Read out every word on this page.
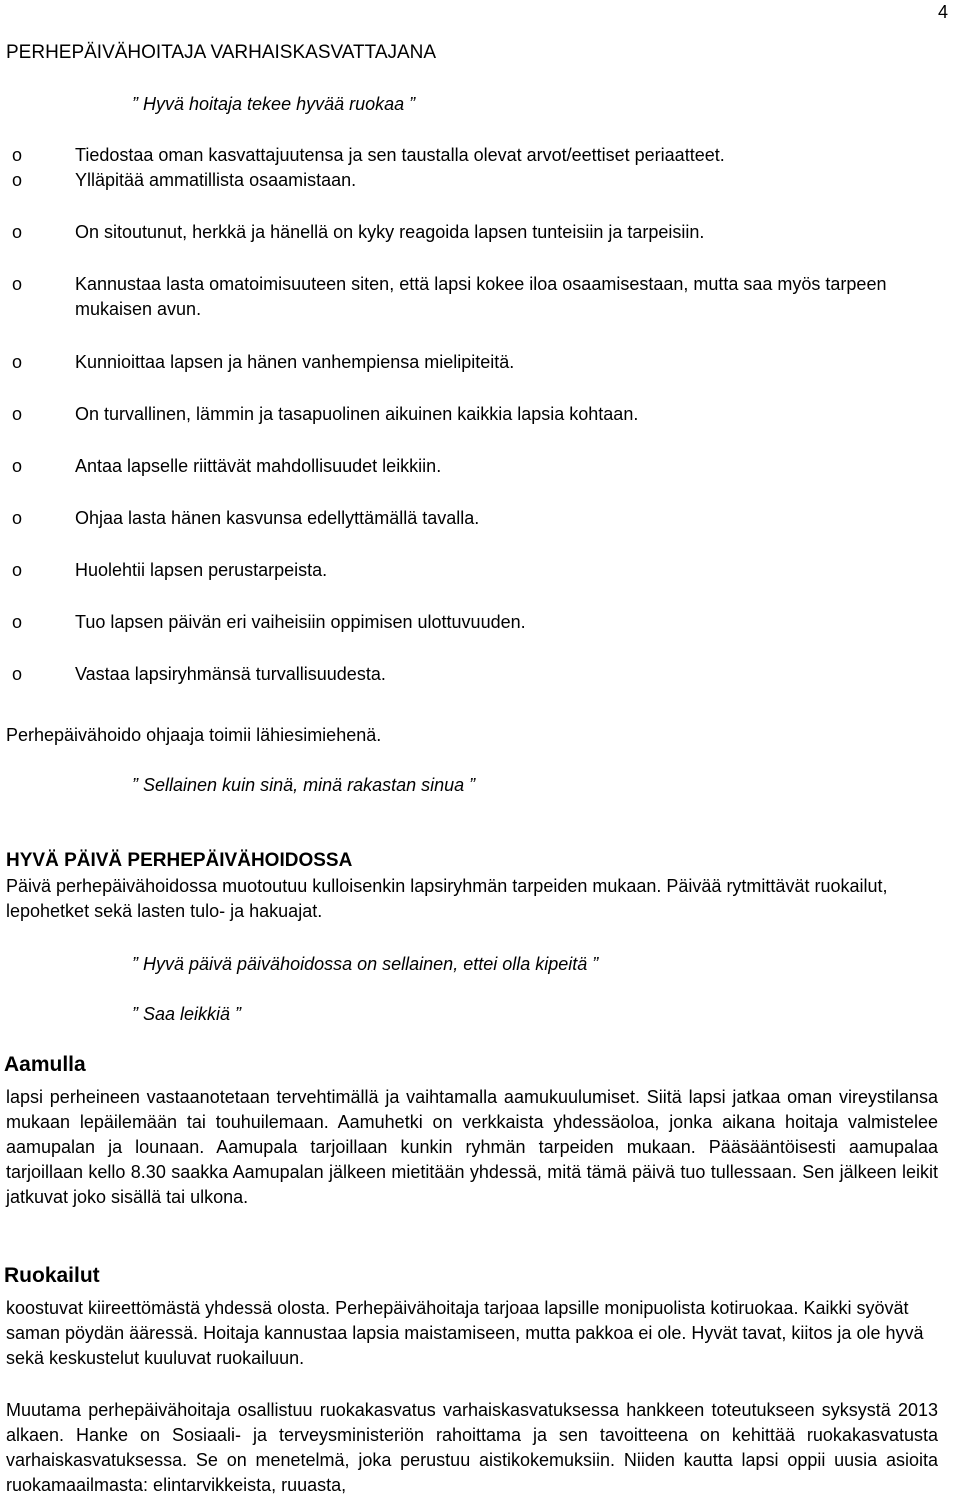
4
PERHEPÄIVÄHOITAJA VARHAISKASVATTAJANA
” Hyvä hoitaja tekee hyvää ruokaa ”
o	Tiedostaa oman kasvattajuutensa ja sen taustalla olevat arvot/eettiset periaatteet.
o	Ylläpitää ammatillista osaamistaan.
o	On sitoutunut, herkkä ja hänellä on kyky reagoida lapsen tunteisiin ja tarpeisiin.
o	Kannustaa lasta omatoimisuuteen siten, että lapsi kokee iloa osaamisestaan, mutta saa myös tarpeen mukaisen avun.
o	Kunnioittaa lapsen ja hänen vanhempiensa mielipiteitä.
o	On turvallinen, lämmin ja tasapuolinen aikuinen kaikkia lapsia kohtaan.
o	Antaa lapselle riittävät mahdollisuudet leikkiin.
o	Ohjaa lasta hänen kasvunsa edellyttämällä tavalla.
o	Huolehtii lapsen perustarpeista.
o	Tuo lapsen päivän eri vaiheisiin oppimisen ulottuvuuden.
o	Vastaa lapsiryhmänsä turvallisuudesta.
Perhepäivähoido ohjaaja toimii lähiesimiehenä.
” Sellainen kuin sinä, minä rakastan sinua ”
HYVÄ PÄIVÄ PERHEPÄIVÄHOIDOSSA
Päivä perhepäivähoidossa muotoutuu kulloisenkin lapsiryhmän tarpeiden mukaan. Päivää rytmittävät ruokailut, lepohetket sekä lasten tulo- ja hakuajat.
” Hyvä päivä päivähoidossa on sellainen, ettei olla kipeitä ”
” Saa leikkiä ”
Aamulla
lapsi perheineen vastaanotetaan tervehtimällä ja vaihtamalla aamukuulumiset. Siitä lapsi jatkaa oman vireystilansa mukaan lepäilemään tai touhuilemaan. Aamuhetki on verkkaista yhdessäoloa, jonka aikana hoitaja valmistelee aamupalan ja lounaan. Aamupala tarjoillaan kunkin ryhmän tarpeiden mukaan. Pääsääntöisesti aamupalaa tarjoillaan kello 8.30 saakka Aamupalan jälkeen mietitään yhdessä, mitä tämä päivä tuo tullessaan. Sen jälkeen leikit jatkuvat joko sisällä tai ulkona.
Ruokailut
koostuvat kiireettömästä yhdessä olosta. Perhepäivähoitaja tarjoaa lapsille monipuolista kotiruokaa. Kaikki syövät saman pöydän ääressä. Hoitaja kannustaa lapsia maistamiseen, mutta pakkoa ei ole. Hyvät tavat, kiitos ja ole hyvä sekä keskustelut kuuluvat ruokailuun.
Muutama perhepäivähoitaja osallistuu ruokakasvatus varhaiskasvatuksessa hankkeen toteutukseen syksystä 2013 alkaen. Hanke on Sosiaali- ja terveysministeriön rahoittama ja sen tavoitteena on kehittää ruokakasvatusta varhaiskasvatuksessa. Se on menetelmä, joka perustuu aistikokemuksiin. Niiden kautta lapsi oppii uusia asioita ruokamaailmasta: elintarvikkeista, ruuasta,
